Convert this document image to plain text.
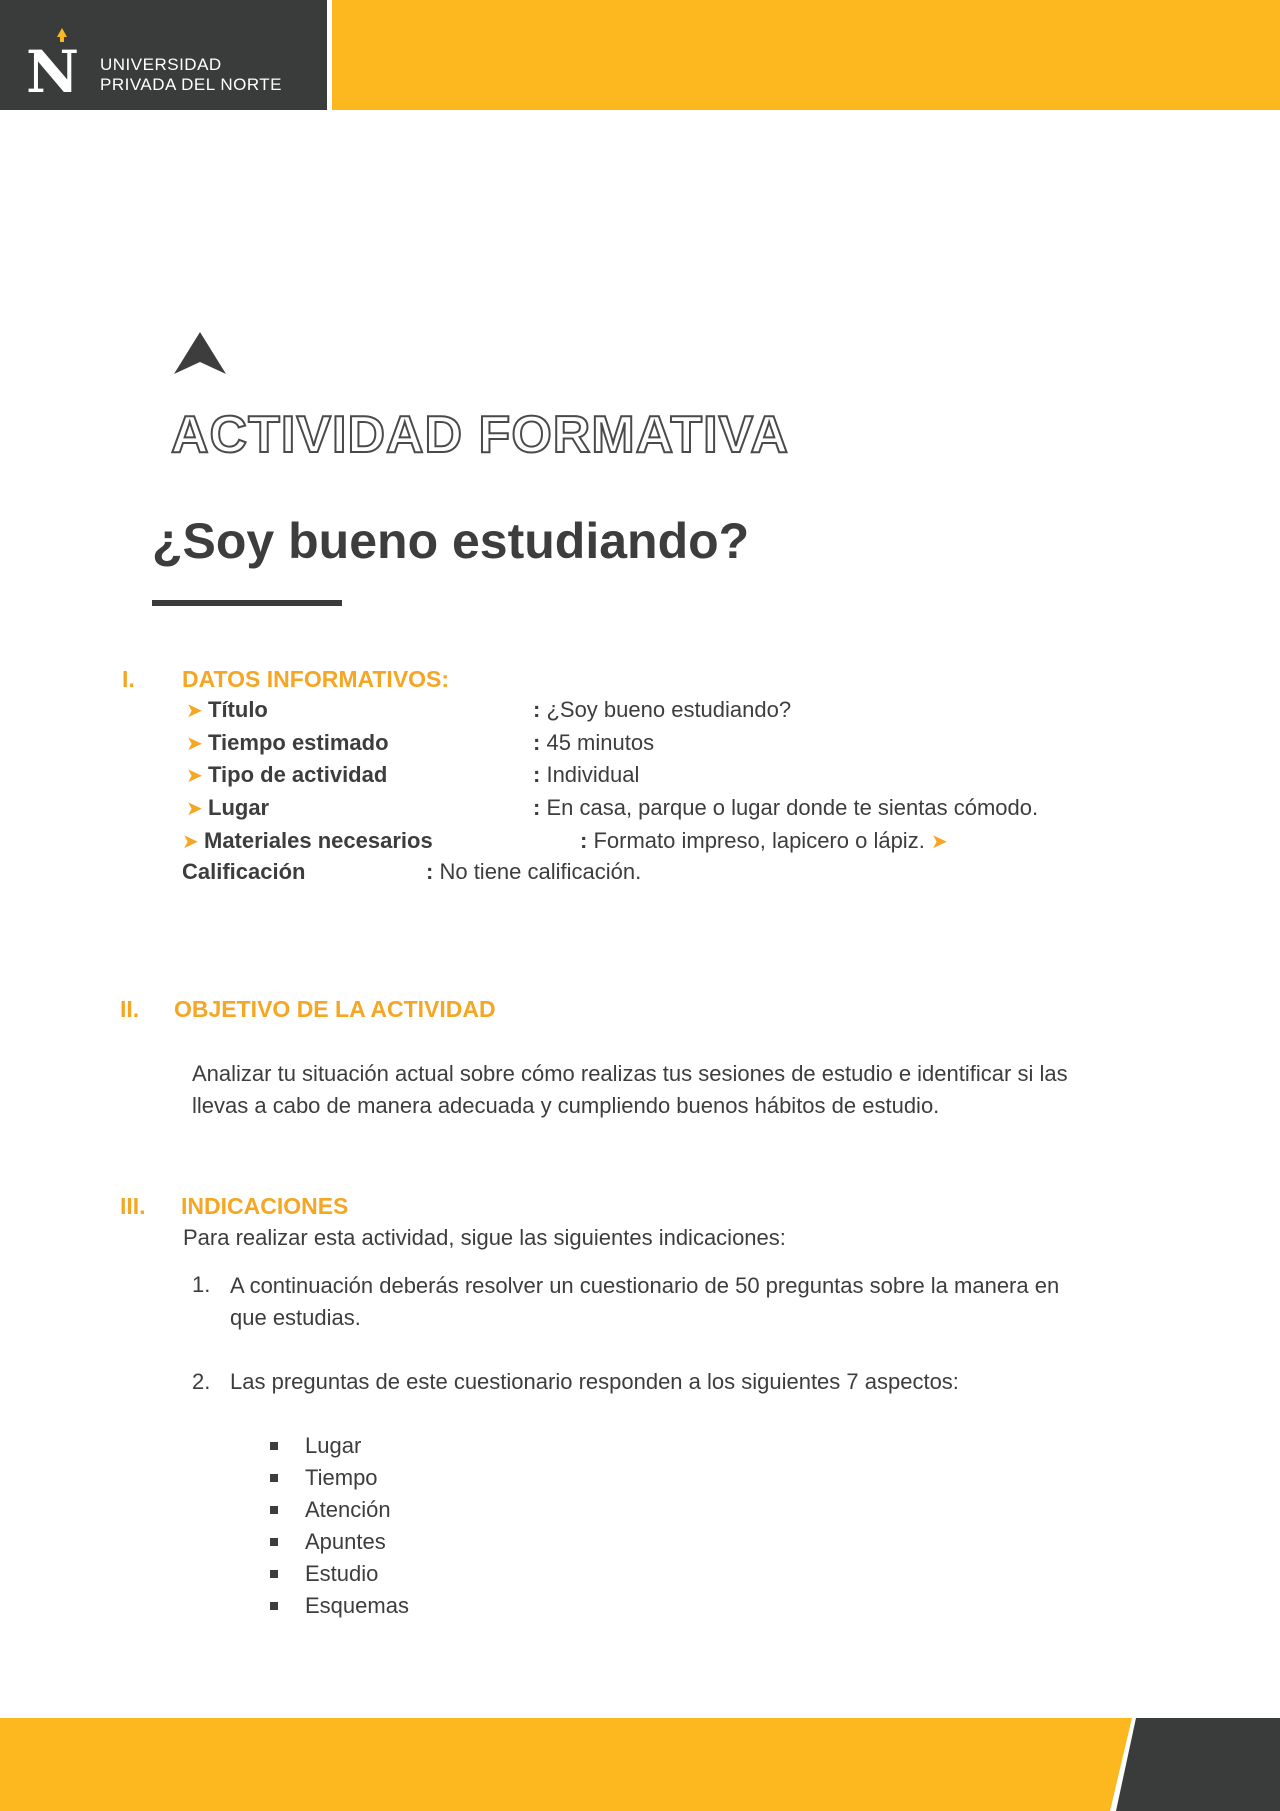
N UNIVERSIDAD
PRIVADA DEL NORTE
ACTIVIDAD FORMATIVA
¿Soy bueno estudiando?
I. DATOS INFORMATIVOS:
➤ Título	: ¿Soy bueno estudiando?
➤ Tiempo estimado	: 45 minutos
➤ Tipo de actividad	: Individual
➤ Lugar	: En casa, parque o lugar donde te sientas cómodo.
➤ Materiales necesarios	: Formato impreso, lapicero o lápiz. ➤
Calificación	: No tiene calificación.
II. OBJETIVO DE LA ACTIVIDAD
Analizar tu situación actual sobre cómo realizas tus sesiones de estudio e identificar si las
llevas a cabo de manera adecuada y cumpliendo buenos hábitos de estudio.
III. INDICACIONES
Para realizar esta actividad, sigue las siguientes indicaciones:
1. A continuación deberás resolver un cuestionario de 50 preguntas sobre la manera en
que estudias.
2. Las preguntas de este cuestionario responden a los siguientes 7 aspectos:
Lugar
Tiempo
Atención
Apuntes
Estudio
Esquemas
